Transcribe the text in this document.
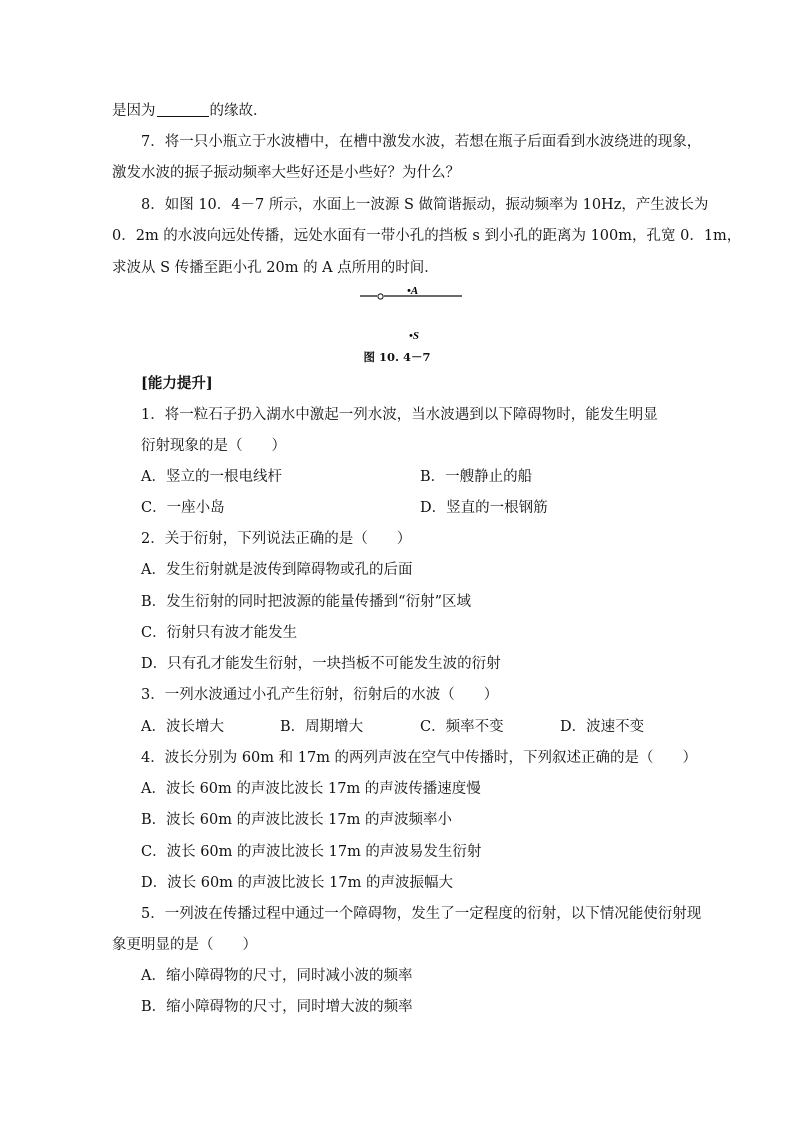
是因为	的缘故．
7．将一只小瓶立于水波槽中，在槽中激发水波，若想在瓶子后面看到水波绕进的现象，
激发水波的振子振动频率大些好还是小些好？为什么？
8．如图 10．4－7 所示，水面上一波源 S 做简谐振动，振动频率为 10Hz，产生波长为
0．2m 的水波向远处传播，远处水面有一带小孔的挡板 s 到小孔的距离为 100m，孔宽 0．1m，
求波从 S 传播至距小孔 20m 的 A 点所用的时间．
•A
•S
图 10. 4－7
[能力提升]
1．将一粒石子扔入湖水中激起一列水波，当水波遇到以下障碍物时，能发生明显
衍射现象的是（　　）
A．竖立的一根电线杆	B．一艘静止的船
C．一座小岛	D．竖直的一根钢筋
2．关于衍射，下列说法正确的是（　　）
A．发生衍射就是波传到障碍物或孔的后面
B．发生衍射的同时把波源的能量传播到“衍射”区域
C．衍射只有波才能发生
D．只有孔才能发生衍射，一块挡板不可能发生波的衍射
3．一列水波通过小孔产生衍射，衍射后的水波（　　）
A．波长增大	B．周期增大	C．频率不变	D．波速不变
4．波长分别为 60m 和 17m 的两列声波在空气中传播时，下列叙述正确的是（　　）
A．波长 60m 的声波比波长 17m 的声波传播速度慢
B．波长 60m 的声波比波长 17m 的声波频率小
C．波长 60m 的声波比波长 17m 的声波易发生衍射
D．波长 60m 的声波比波长 17m 的声波振幅大
5．一列波在传播过程中通过一个障碍物，发生了一定程度的衍射，以下情况能使衍射现
象更明显的是（　　）
A．缩小障碍物的尺寸，同时减小波的频率
B．缩小障碍物的尺寸，同时增大波的频率
